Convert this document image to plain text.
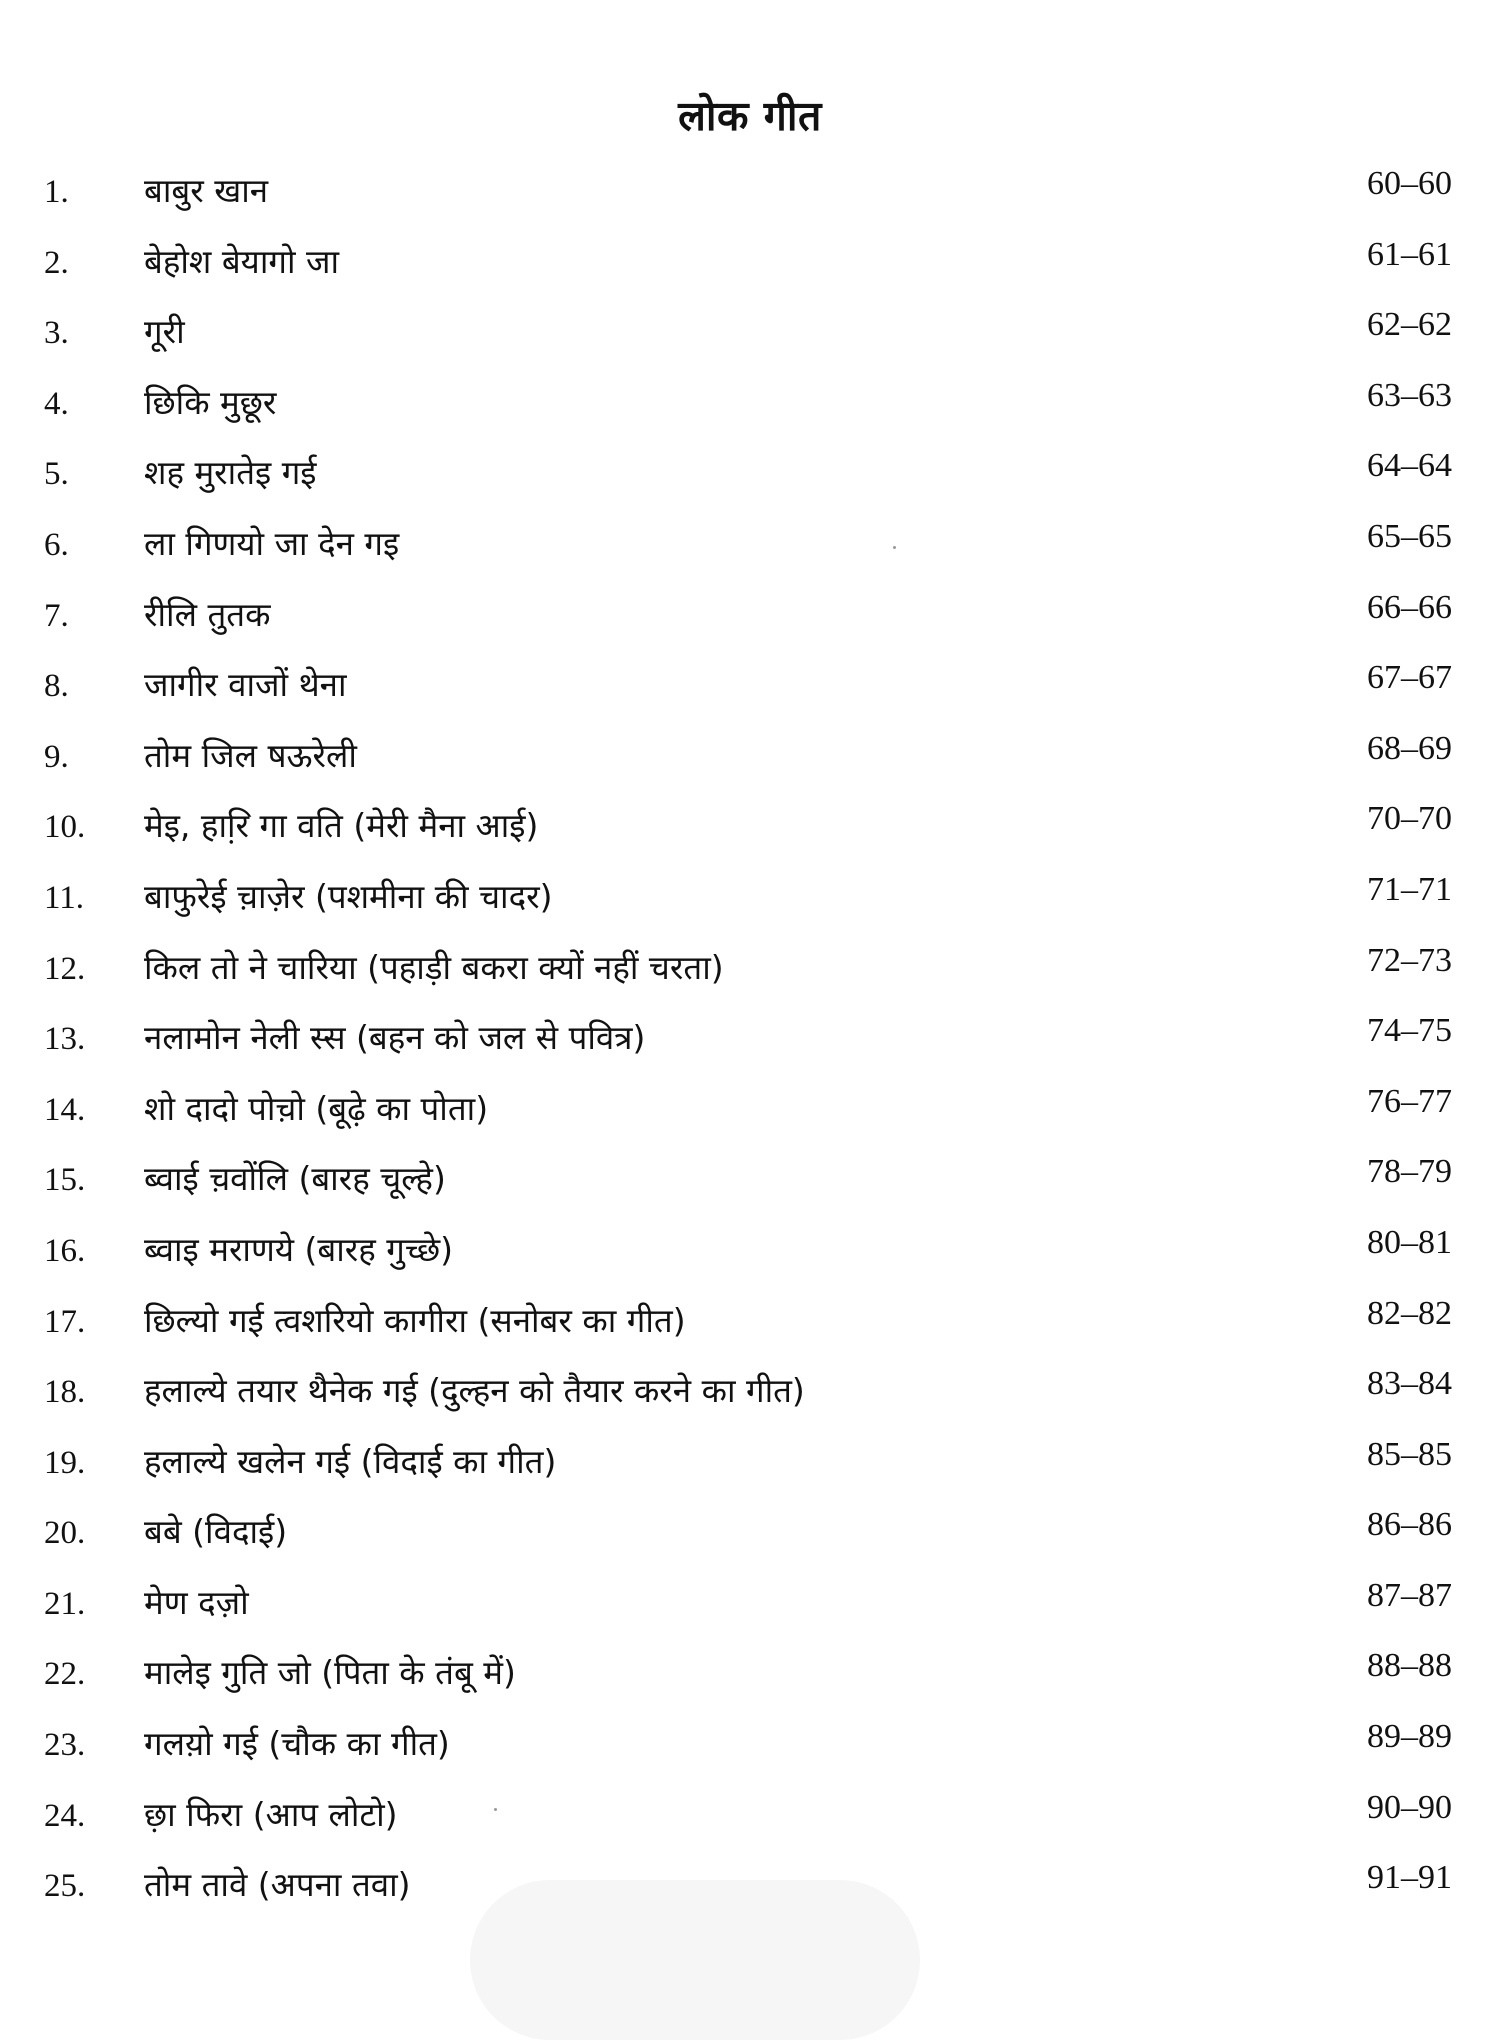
लोक गीत
1.	बाबुर खान	60–60
2.	बेहोश बेयागो जा	61–61
3.	गूरी	62–62
4.	छिकि मुछूर	63–63
5.	शह मुरातेइ गई	64–64
6.	ला गिणयो जा देन गइ	65–65
7.	रीलि तुतक	66–66
8.	जागीर वाजों थेना	67–67
9.	तोम जिल षऊरेली	68–69
10.	मेइ, हारि़ गा वति (मेरी मैना आई)	70–70
11.	बाफुरेई च़ाज़ेर (पशमीना की चादर)	71–71
12.	किल तो ने चारिया (पहाड़ी बकरा क्यों नहीं चरता)	72–73
13.	नलामोन नेली स्स (बहन को जल से पवित्र)	74–75
14.	शो दादो पोच़ो (बूढ़े का पोता)	76–77
15.	ब्वाई च़वोंलि (बारह चूल्हे)	78–79
16.	ब्वाइ मराणये (बारह गुच्छे)	80–81
17.	छिल्यो गई त्वशरियो कागीरा (सनोबर का गीत)	82–82
18.	हलाल्ये तयार थैनेक गई (दुल्हन को तैयार करने का गीत)	83–84
19.	हलाल्ये खलेन गई (विदाई का गीत)	85–85
20.	बबे (विदाई)	86–86
21.	मेण दज़ो	87–87
22.	मालेइ गुति जो (पिता के तंबू में)	88–88
23.	गलय़ो गई (चौक का गीत)	89–89
24.	छ़ा फिरा (आप लोटो)	90–90
25.	तोम तावे (अपना तवा)	91–91
